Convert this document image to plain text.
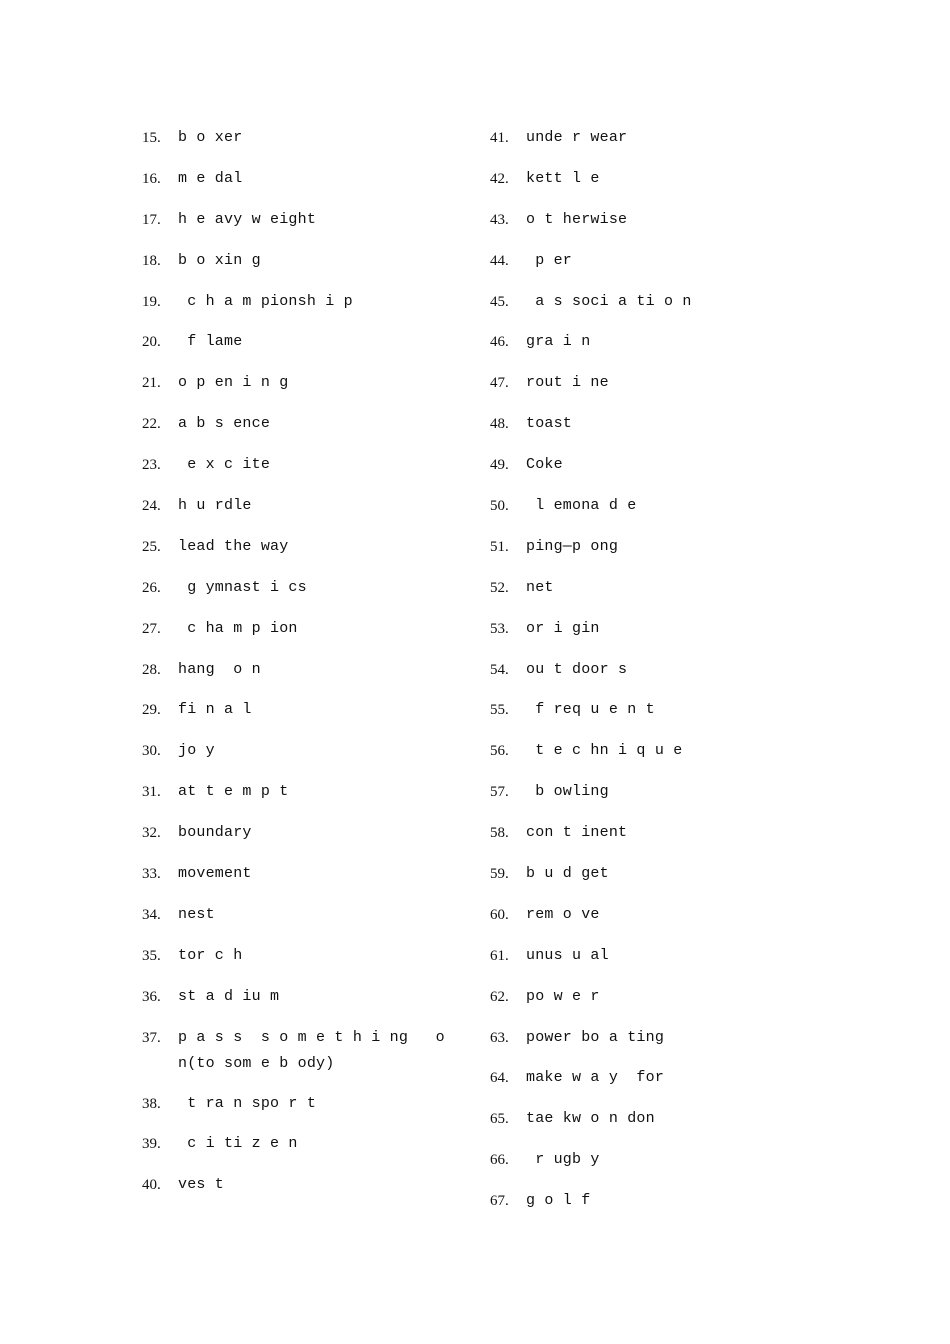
15.	b o xer
16.	m e dal
17.	h e avy w eight
18.	b o xin g
19.	c h a m pionsh i p
20.	f lame
21.	o p en i n g
22.	a b s ence
23.	e x c ite
24.	h u rdle
25.	lead the way
26.	g ymnast i cs
27.	c ha m p ion
28.	hang  o n
29.	fi n a l
30.	jo y
31.	at t e m p t
32.	boundary
33.	movement
34.	nest
35.	tor c h
36.	st a d iu m
37.	p a s s  s o m e t h i ng   o n(to som e b ody)
38.	t ra n spo r t
39.	c i ti z e n
40.	ves t
41.	unde r wear
42.	kett l e
43.	o t herwise
44.	p er
45.	a s soci a ti o n
46.	gra i n
47.	rout i ne
48.	toast
49.	Coke
50.	l emona d e
51.	ping—p ong
52.	net
53.	or i gin
54.	ou t door s
55.	f req u e n t
56.	t e c hn i q u e
57.	b owling
58.	con t inent
59.	b u d get
60.	rem o ve
61.	unus u al
62.	po w e r
63.	power bo a ting
64.	make w a y  for
65.	tae kw o n don
66.	r ugb y
67.	g o l f
